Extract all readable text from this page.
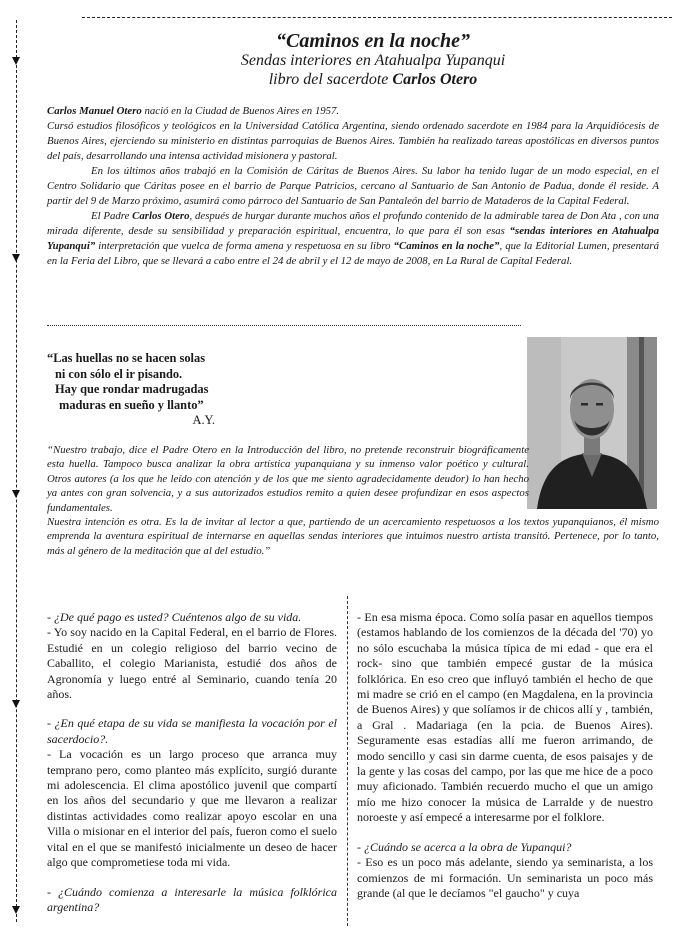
“Caminos en la noche”
Sendas interiores en Atahualpa Yupanqui
libro del sacerdote Carlos Otero

Carlos Manuel Otero nació en la Ciudad de Buenos Aires en 1957.

Cursó estudios filosóficos y teológicos en la Universidad Católica Argentina, siendo ordenado sacerdote en 1984 para la Arquidiócesis de Buenos Aires, ejerciendo su ministerio en distintas parroquias de Buenos Aires. También ha realizado tareas apostólicas en diversos puntos del país, desarrollando una intensa actividad misionera y pastoral.

En los últimos años trabajó en la Comisión de Cáritas de Buenos Aires. Su labor ha tenido lugar de un modo especial, en el Centro Solidario que Cáritas posee en el barrio de Parque Patricios, cercano al Santuario de San Antonio de Padua, donde él reside. A partir del 9 de Marzo próximo, asumirá como párroco del Santuario de San Pantaleón del barrio de Mataderos de la Capital Federal.

El Padre Carlos Otero, después de hurgar durante muchos años el profundo contenido de la admirable tarea de Don Ata , con una mirada diferente, desde su sensibilidad y preparación espiritual, encuentra, lo que para él son esas “sendas interiores en Atahualpa Yupanqui” interpretación que vuelca de forma amena y respetuosa en su libro “Caminos en la noche”, que la Editorial Lumen, presentará en la Feria del Libro, que se llevará a cabo entre el 24 de abril y el 12 de mayo de 2008, en La Rural de Capital Federal.

“Las huellas no se hacen solas
ni con sólo el ir pisando.
Hay que rondar madrugadas
maduras en sueño y llanto”
A.Y.

“Nuestro trabajo, dice el Padre Otero en la Introducción del libro, no pretende reconstruir biográficamente esta huella. Tampoco busca analizar la obra artística yupanquiana y su inmenso valor poético y cultural. Otros autores (a los que he leído con atención y de los que me siento agradecidamente deudor) lo han hecho ya antes con gran solvencia, y a sus autorizados estudios remito a quien desee profundizar en esos aspectos fundamentales.

Nuestra intención es otra. Es la de invitar al lector a que, partiendo de un acercamiento respetuosos a los textos yupanquianos, él mismo emprenda la aventura espiritual de internarse en aquellas sendas interiores que intuimos nuestro artista transitó. Pertenece, por lo tanto, más al género de la meditación que al del estudio.”

- ¿De qué pago es usted? Cuéntenos algo de su vida.

- Yo soy nacido en la Capital Federal, en el barrio de Flores. Estudié en un colegio religioso del barrio vecino de Caballito, el colegio Marianista, estudié dos años de Agronomía y luego entré al Seminario, cuando tenía 20 años.

- ¿En qué etapa de su vida se manifiesta la vocación por el sacerdocio?.

- La vocación es un largo proceso que arranca muy temprano pero, como planteo más explícito, surgió durante mi adolescencia. El clima apostólico juvenil que compartí en los años del secundario y que me llevaron a realizar distintas actividades como realizar apoyo escolar en una Villa o misionar en el interior del país, fueron como el suelo vital en el que se manifestó inicialmente un deseo de hacer algo que comprometiese toda mi vida.

- ¿Cuándo comienza a interesarle la música folklórica argentina?

- En esa misma época. Como solía pasar en aquellos tiempos (estamos hablando de los comienzos de la década del '70) yo no sólo escuchaba la música típica de mi edad - que era el rock- sino que también empecé gustar de la música folklórica. En eso creo que influyó también el hecho de que mi madre se crió en el campo (en Magdalena, en la provincia de Buenos Aires) y que solíamos ir de chicos allí y , también, a Gral . Madariaga (en la pcia. de Buenos Aires). Seguramente esas estadías allí me fueron arrimando, de modo sencillo y casi sin darme cuenta, de esos paisajes y de la gente y las cosas del campo, por las que me hice de a poco muy aficionado. También recuerdo mucho el que un amigo mío me hizo conocer la música de Larralde y de nuestro noroeste y así empecé a interesarme por el folklore.

- ¿Cuándo se acerca a la obra de Yupanqui?

- Eso es un poco más adelante, siendo ya seminarista, a los comienzos de mi formación. Un seminarista un poco más grande (al que le decíamos "el gaucho" y cuya
